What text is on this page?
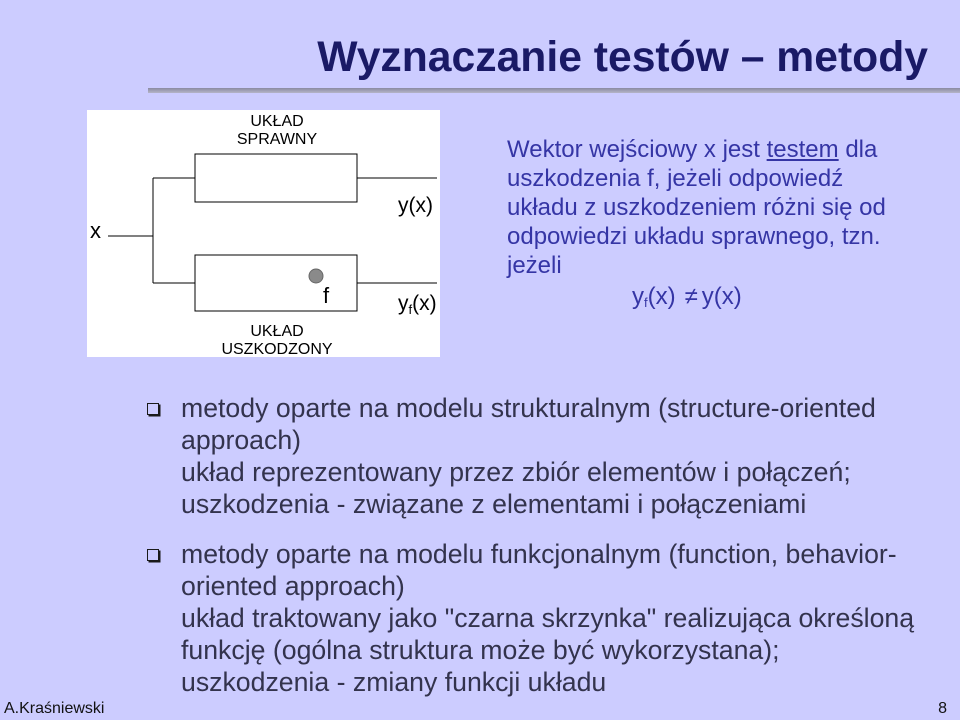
Wyznaczanie testów – metody
UKŁAD
SPRAWNY
x
y(x)
yf(x)
f
UKŁAD
USZKODZONY
Wektor wejściowy x jest testem dla
uszkodzenia f, jeżeli odpowiedź
układu z uszkodzeniem różni się od
odpowiedzi układu sprawnego, tzn.
jeżeli
$y_f(x) \ne y(x)$
metody oparte na modelu strukturalnym (structure-oriented
approach)
układ reprezentowany przez zbiór elementów i połączeń;
uszkodzenia - związane z elementami i połączeniami
metody oparte na modelu funkcjonalnym (function, behavior-
oriented approach)
układ traktowany jako "czarna skrzynka" realizująca określoną
funkcję (ogólna struktura może być wykorzystana);
uszkodzenia - zmiany funkcji układu
A.Kraśniewski	8
